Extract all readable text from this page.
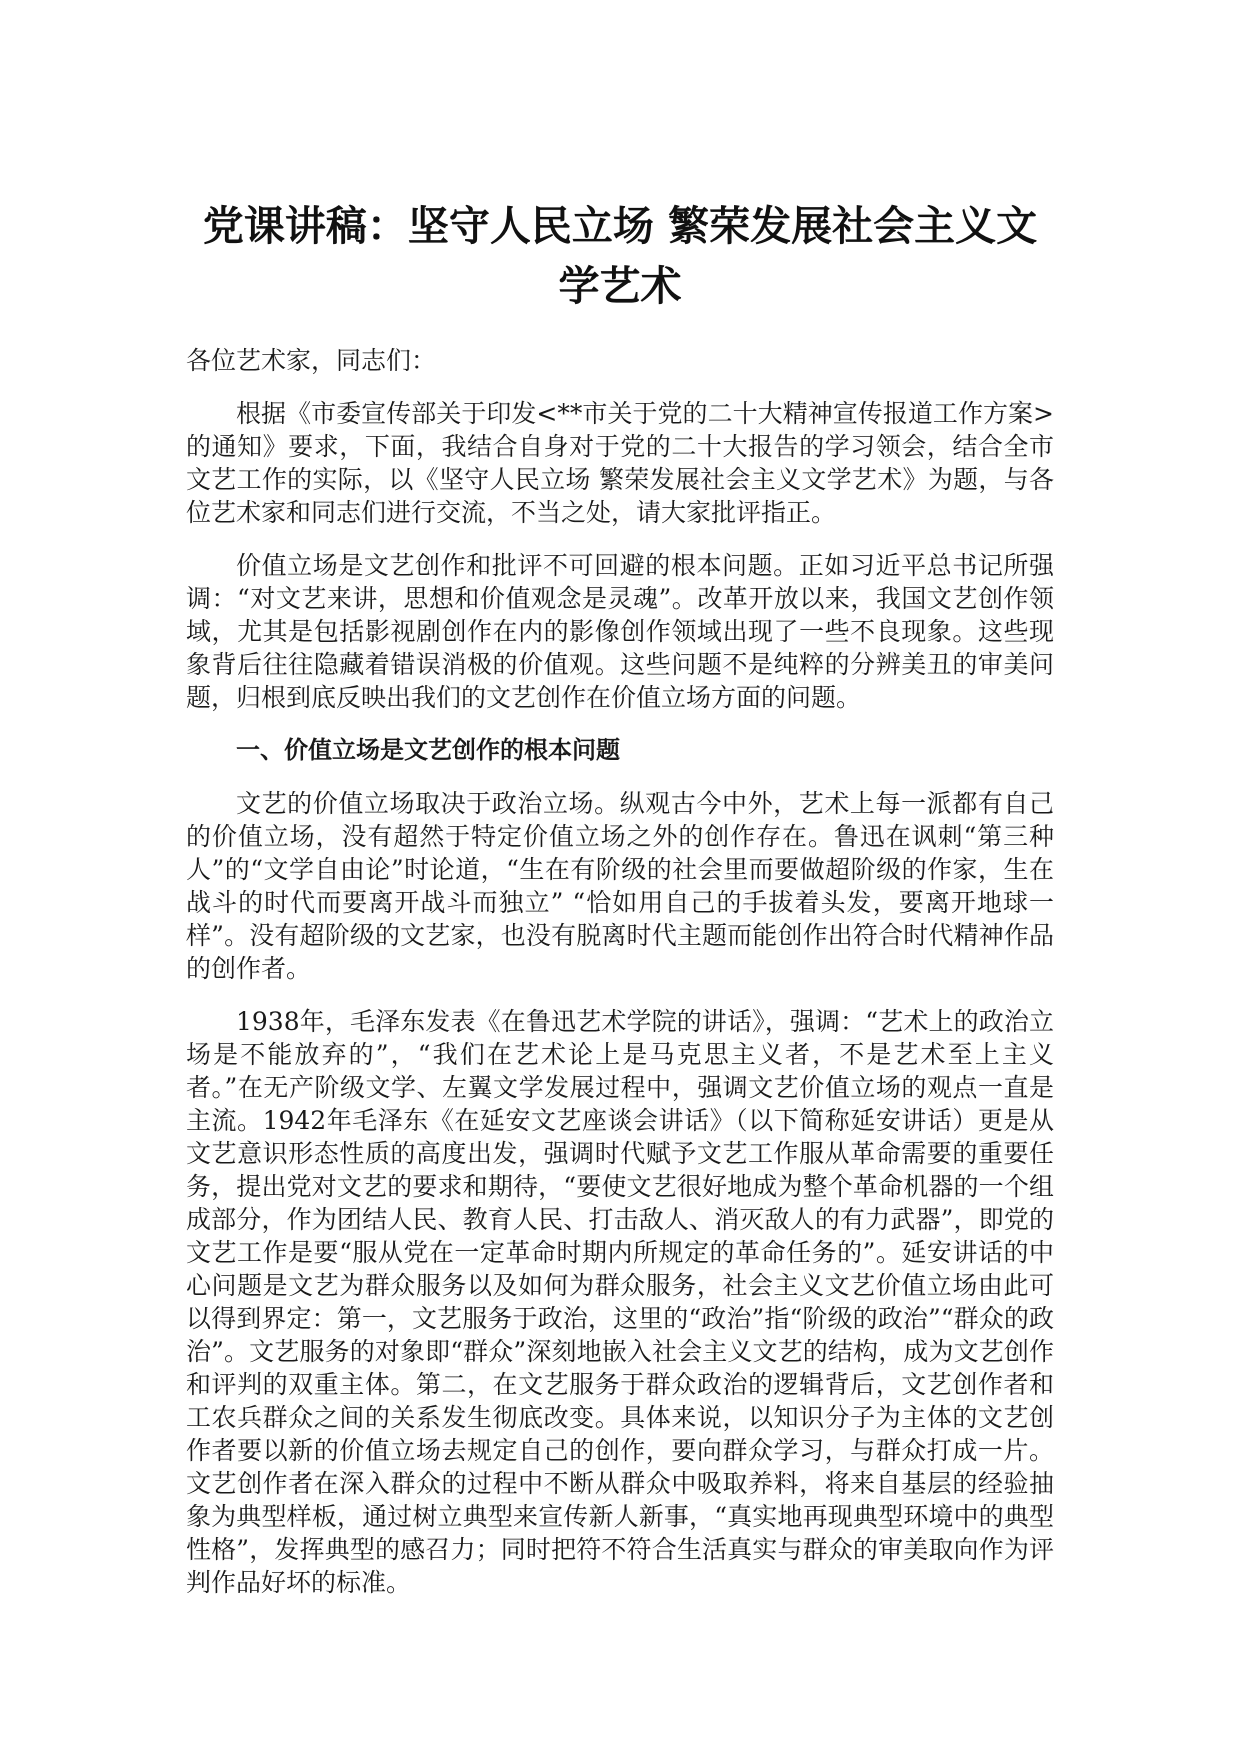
党课讲稿：坚守人民立场 繁荣发展社会主义文学艺术

各位艺术家，同志们：

根据《市委宣传部关于印发<**市关于党的二十大精神宣传报道工作方案>的通知》要求，下面，我结合自身对于党的二十大报告的学习领会，结合全市文艺工作的实际，以《坚守人民立场 繁荣发展社会主义文学艺术》为题，与各位艺术家和同志们进行交流，不当之处，请大家批评指正。

价值立场是文艺创作和批评不可回避的根本问题。正如习近平总书记所强调：“对文艺来讲，思想和价值观念是灵魂”。改革开放以来，我国文艺创作领域，尤其是包括影视剧创作在内的影像创作领域出现了一些不良现象。这些现象背后往往隐藏着错误消极的价值观。这些问题不是纯粹的分辨美丑的审美问题，归根到底反映出我们的文艺创作在价值立场方面的问题。

一、价值立场是文艺创作的根本问题

文艺的价值立场取决于政治立场。纵观古今中外，艺术上每一派都有自己的价值立场，没有超然于特定价值立场之外的创作存在。鲁迅在讽刺“第三种人”的“文学自由论”时论道，“生在有阶级的社会里而要做超阶级的作家，生在战斗的时代而要离开战斗而独立” “恰如用自己的手拔着头发，要离开地球一样”。没有超阶级的文艺家，也没有脱离时代主题而能创作出符合时代精神作品的创作者。

1938年，毛泽东发表《在鲁迅艺术学院的讲话》，强调：“艺术上的政治立场是不能放弃的”，“我们在艺术论上是马克思主义者，不是艺术至上主义者。”在无产阶级文学、左翼文学发展过程中，强调文艺价值立场的观点一直是主流。1942年毛泽东《在延安文艺座谈会讲话》（以下简称延安讲话）更是从文艺意识形态性质的高度出发，强调时代赋予文艺工作服从革命需要的重要任务，提出党对文艺的要求和期待，“要使文艺很好地成为整个革命机器的一个组成部分，作为团结人民、教育人民、打击敌人、消灭敌人的有力武器”，即党的文艺工作是要“服从党在一定革命时期内所规定的革命任务的”。延安讲话的中心问题是文艺为群众服务以及如何为群众服务，社会主义文艺价值立场由此可以得到界定：第一，文艺服务于政治，这里的“政治”指“阶级的政治”“群众的政治”。文艺服务的对象即“群众”深刻地嵌入社会主义文艺的结构，成为文艺创作和评判的双重主体。第二，在文艺服务于群众政治的逻辑背后，文艺创作者和工农兵群众之间的关系发生彻底改变。具体来说，以知识分子为主体的文艺创作者要以新的价值立场去规定自己的创作，要向群众学习，与群众打成一片。文艺创作者在深入群众的过程中不断从群众中吸取养料，将来自基层的经验抽象为典型样板，通过树立典型来宣传新人新事，“真实地再现典型环境中的典型性格”，发挥典型的感召力；同时把符不符合生活真实与群众的审美取向作为评判作品好坏的标准。
